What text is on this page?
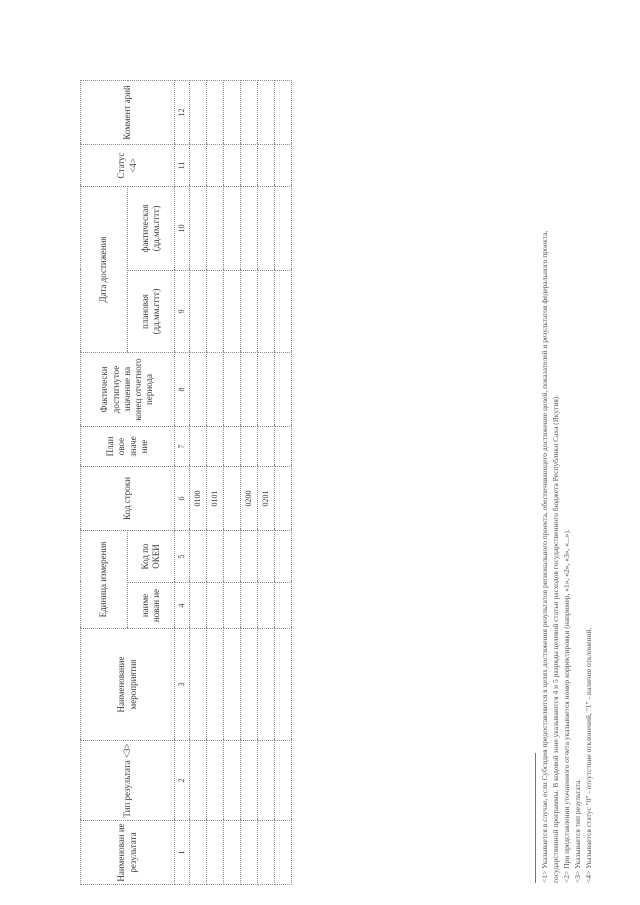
Наименован ие результата	Тип результата <3>	Наименование мероприятия	Единица измерения		Код строки	План овое значе ние	Фактически достигнутое значение на конец отчетного периода	Дата достижения		Статус <4>	Коммент арий
			наиме нован ие	Код по ОКЕИ				плановая (дд.мм.гггг)	фактическая (дд.мм.гггг)		
1	2	3	4	5	6	7	8	9	10	11	12
					0100						
					0101						

					0200						
					0201						
												<1> Указывается в случае, если Субсидия предоставляется в целях достижения результатов регионального проекта, обеспечивающего достижение целей, показателей и результатов федерального проекта, государственной программы. В кодовой зоне указываются 4 и 5 разряды целевой статьи расходов государственного бюджета Республики Саха (Якутия). <2> При представлении уточненного отчета указывается номер корректировки (например, «1», «2», «3», «...»). <3> Указывается тип результата. <4> Указывается статус "0" - отсутствие отклонений, "1" - наличие отклонений.
